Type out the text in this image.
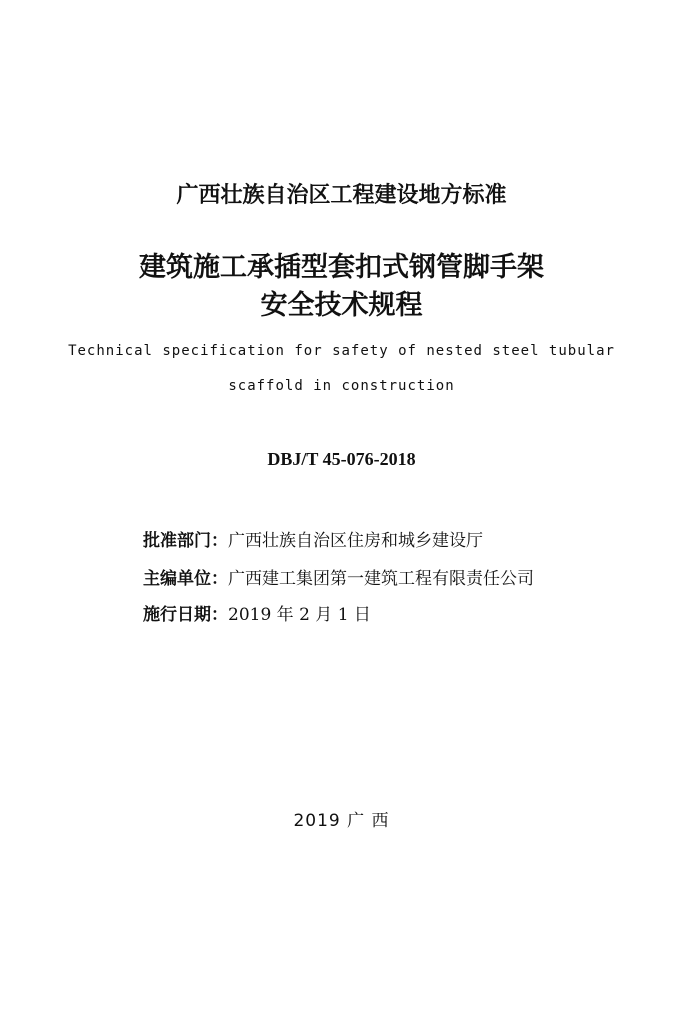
广西壮族自治区工程建设地方标准
建筑施工承插型套扣式钢管脚手架
安全技术规程
Technical specification for safety of nested steel tubular
scaffold in construction
DBJ/T 45-076-2018
批准部门：广西壮族自治区住房和城乡建设厅
主编单位：广西建工集团第一建筑工程有限责任公司
施行日期：2019 年 2 月 1 日
2019 广 西
